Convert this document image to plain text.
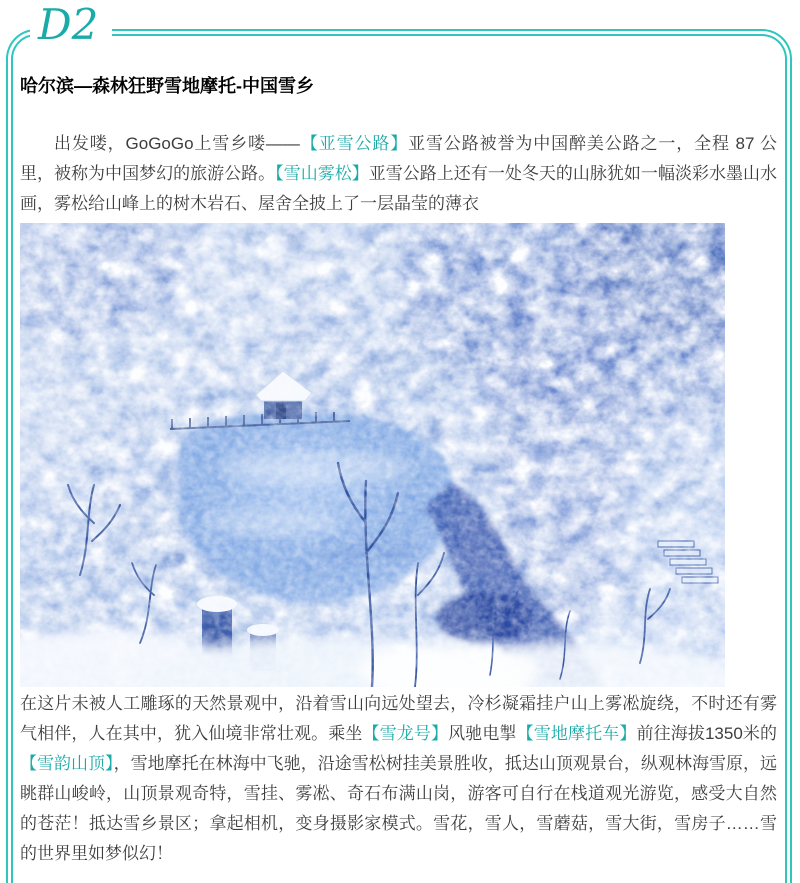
D2
哈尔滨—森林狂野雪地摩托-中国雪乡

出发喽，GoGoGo上雪乡喽——【亚雪公路】亚雪公路被誉为中国醉美公路之一，全程 87 公里，被称为中国梦幻的旅游公路。【雪山雾松】亚雪公路上还有一处冬天的山脉犹如一幅淡彩水墨山水画，雾松给山峰上的树木岩石、屋舍全披上了一层晶莹的薄衣

在这片未被人工雕琢的天然景观中，沿着雪山向远处望去，冷杉凝霜挂户山上雾凇旋绕，不时还有雾气相伴，人在其中，犹入仙境非常壮观。乘坐【雪龙号】风驰电掣【雪地摩托车】前往海拔1350米的【雪韵山顶】，雪地摩托在林海中飞驰，沿途雪松树挂美景胜收，抵达山顶观景台，纵观林海雪原，远眺群山峻岭，山顶景观奇特，雪挂、雾凇、奇石布满山岗，游客可自行在栈道观光游览，感受大自然的苍茫！抵达雪乡景区；拿起相机，变身摄影家模式。雪花，雪人，雪蘑菇，雪大街，雪房子……雪的世界里如梦似幻！
